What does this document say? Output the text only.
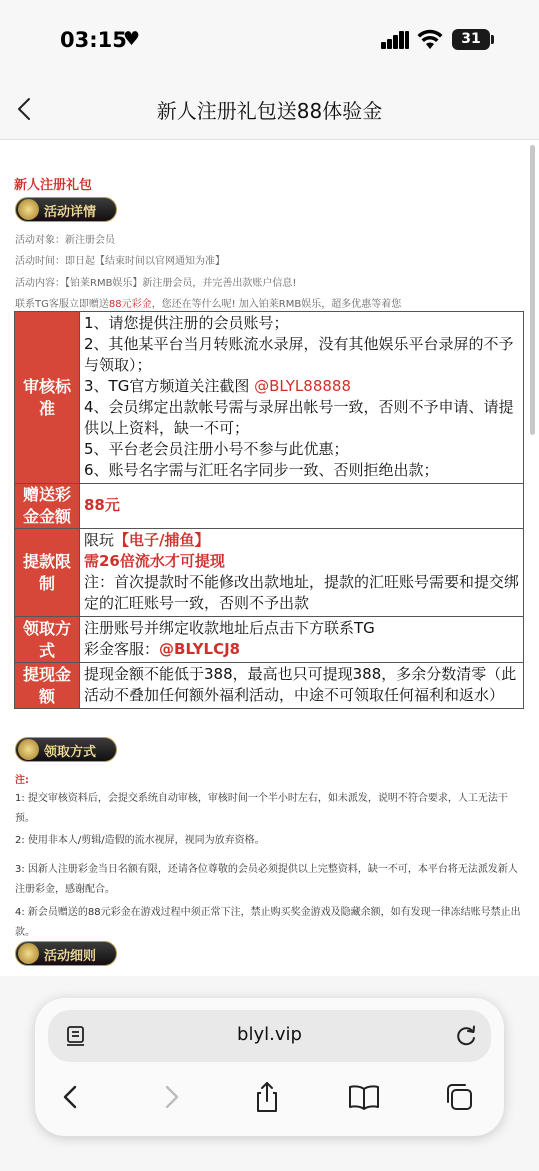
03:15
♥	31
新人注册礼包送88体验金
新人注册礼包
活动详情
活动对象：新注册会员
活动时间：即日起【结束时间以官网通知为准】
活动内容：【铂莱RMB娱乐】新注册会员，并完善出款账户信息!
联系TG客服立即赠送88元彩金，您还在等什么呢! 加入铂莱RMB娱乐，超多优惠等着您
审核标准
1、请您提供注册的会员账号；
2、其他某平台当月转账流水录屏，没有其他娱乐平台录屏的不予与领取）；
3、TG官方频道关注截图 @BLYL88888
4、会员绑定出款帐号需与录屏出帐号一致，否则不予申请、请提供以上资料，缺一不可；
5、平台老会员注册小号不参与此优惠；
6、账号名字需与汇旺名字同步一致、否则拒绝出款；
赠送彩金金额
88元
提款限制
限玩【电子/捕鱼】
需26倍流水才可提现
注：首次提款时不能修改出款地址，提款的汇旺账号需要和提交绑定的汇旺账号一致，否则不予出款
领取方式
注册账号并绑定收款地址后点击下方联系TG
彩金客服：@BLYLCJ8
提现金额
提现金额不能低于388，最高也只可提现388，多余分数清零（此活动不叠加任何额外福利活动，中途不可领取任何福利和返水）
领取方式
注:
1: 提交审核资料后，会提交系统自动审核，审核时间一个半小时左右，如未派发，说明不符合要求，人工无法干预。
2: 使用非本人/剪辑/造假的流水视屏，视同为放弃资格。
3: 因新人注册彩金当日名额有限，还请各位尊敬的会员必须提供以上完整资料，缺一不可，本平台将无法派发新人注册彩金，感谢配合。
4: 新会员赠送的88元彩金在游戏过程中须正常下注，禁止购买奖金游戏及隐藏余额，如有发现一律冻结账号禁止出款。
活动细则
blyl.vip
